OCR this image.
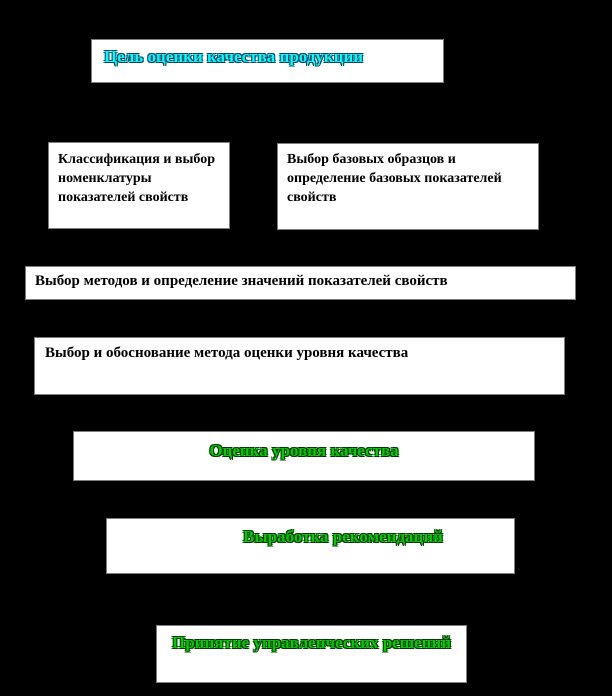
Цель оценки качества продукции
Классификация и выбор номенклатуры показателей свойств
Выбор базовых образцов и определение базовых показателей свойств
Выбор методов и определение значений показателей свойств
Выбор и обоснование метода оценки уровня качества
Оценка уровня качества
Выработка рекомендаций
Принятие управленческих решений
